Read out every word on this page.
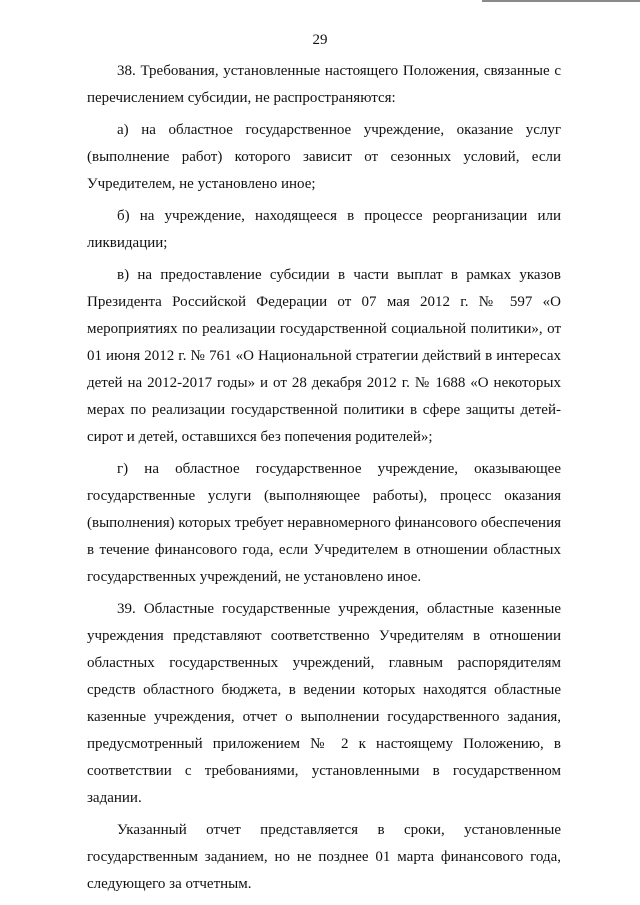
29

38. Требования, установленные настоящего Положения, связанные с перечислением субсидии, не распространяются:

а) на областное государственное учреждение, оказание услуг (выполнение работ) которого зависит от сезонных условий, если Учредителем, не установлено иное;

б) на учреждение, находящееся в процессе реорганизации или ликвидации;

в) на предоставление субсидии в части выплат в рамках указов Президента Российской Федерации от 07 мая 2012 г. № 597 «О мероприятиях по реализации государственной социальной политики», от 01 июня 2012 г. № 761 «О Национальной стратегии действий в интересах детей на 2012-2017 годы» и от 28 декабря 2012 г. № 1688 «О некоторых мерах по реализации государственной политики в сфере защиты детей-сирот и детей, оставшихся без попечения родителей»;

г) на областное государственное учреждение, оказывающее государственные услуги (выполняющее работы), процесс оказания (выполнения) которых требует неравномерного финансового обеспечения в течение финансового года, если Учредителем в отношении областных государственных учреждений, не установлено иное.

39. Областные государственные учреждения, областные казенные учреждения представляют соответственно Учредителям в отношении областных государственных учреждений, главным распорядителям средств областного бюджета, в ведении которых находятся областные казенные учреждения, отчет о выполнении государственного задания, предусмотренный приложением № 2 к настоящему Положению, в соответствии с требованиями, установленными в государственном задании.

Указанный отчет представляется в сроки, установленные государственным заданием, но не позднее 01 марта финансового года, следующего за отчетным.
